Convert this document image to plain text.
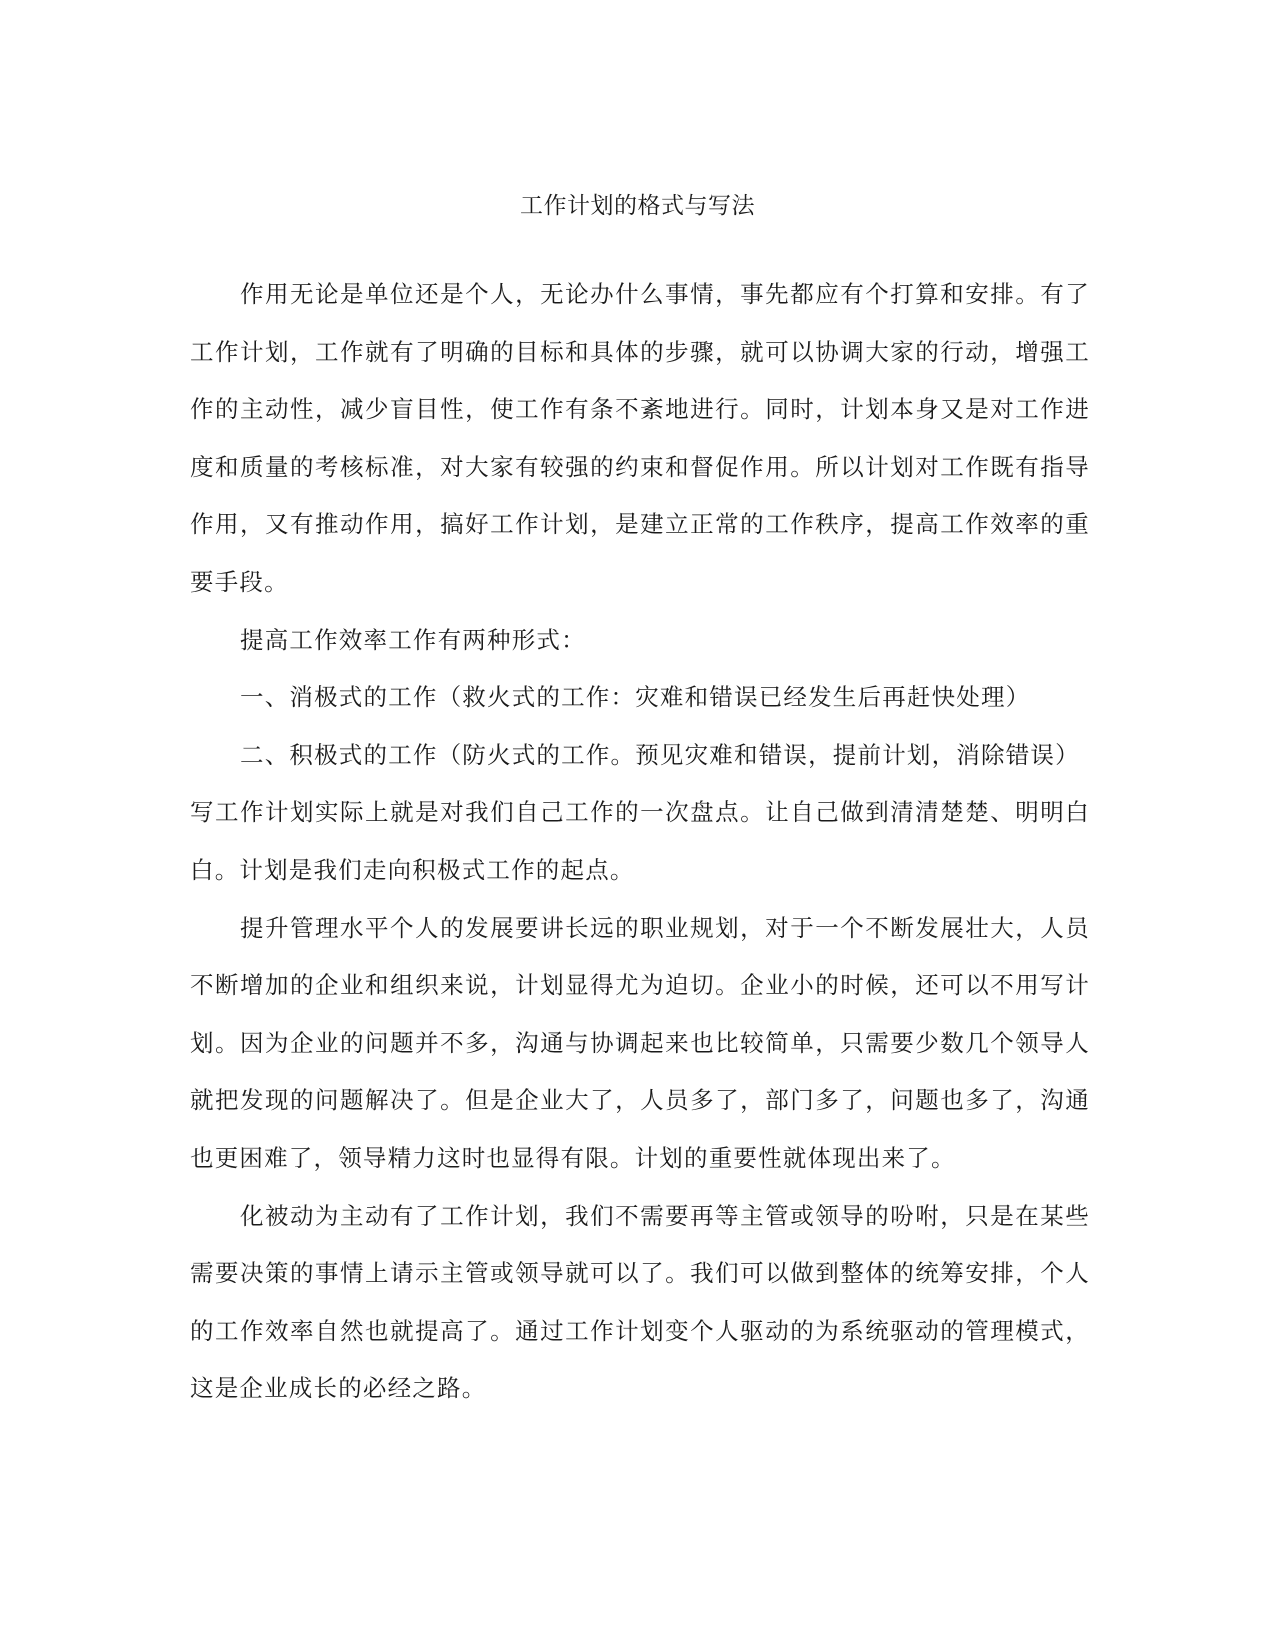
工作计划的格式与写法

作用无论是单位还是个人，无论办什么事情，事先都应有个打算和安排。有了工作计划，工作就有了明确的目标和具体的步骤，就可以协调大家的行动，增强工作的主动性，减少盲目性，使工作有条不紊地进行。同时，计划本身又是对工作进度和质量的考核标准，对大家有较强的约束和督促作用。所以计划对工作既有指导作用，又有推动作用，搞好工作计划，是建立正常的工作秩序，提高工作效率的重要手段。

提高工作效率工作有两种形式：

一、消极式的工作（救火式的工作：灾难和错误已经发生后再赶快处理）

二、积极式的工作（防火式的工作。预见灾难和错误，提前计划，消除错误）

写工作计划实际上就是对我们自己工作的一次盘点。让自己做到清清楚楚、明明白白。计划是我们走向积极式工作的起点。

提升管理水平个人的发展要讲长远的职业规划，对于一个不断发展壮大，人员不断增加的企业和组织来说，计划显得尤为迫切。企业小的时候，还可以不用写计划。因为企业的问题并不多，沟通与协调起来也比较简单，只需要少数几个领导人就把发现的问题解决了。但是企业大了，人员多了，部门多了，问题也多了，沟通也更困难了，领导精力这时也显得有限。计划的重要性就体现出来了。

化被动为主动有了工作计划，我们不需要再等主管或领导的吩咐，只是在某些需要决策的事情上请示主管或领导就可以了。我们可以做到整体的统筹安排，个人的工作效率自然也就提高了。通过工作计划变个人驱动的为系统驱动的管理模式，这是企业成长的必经之路。
